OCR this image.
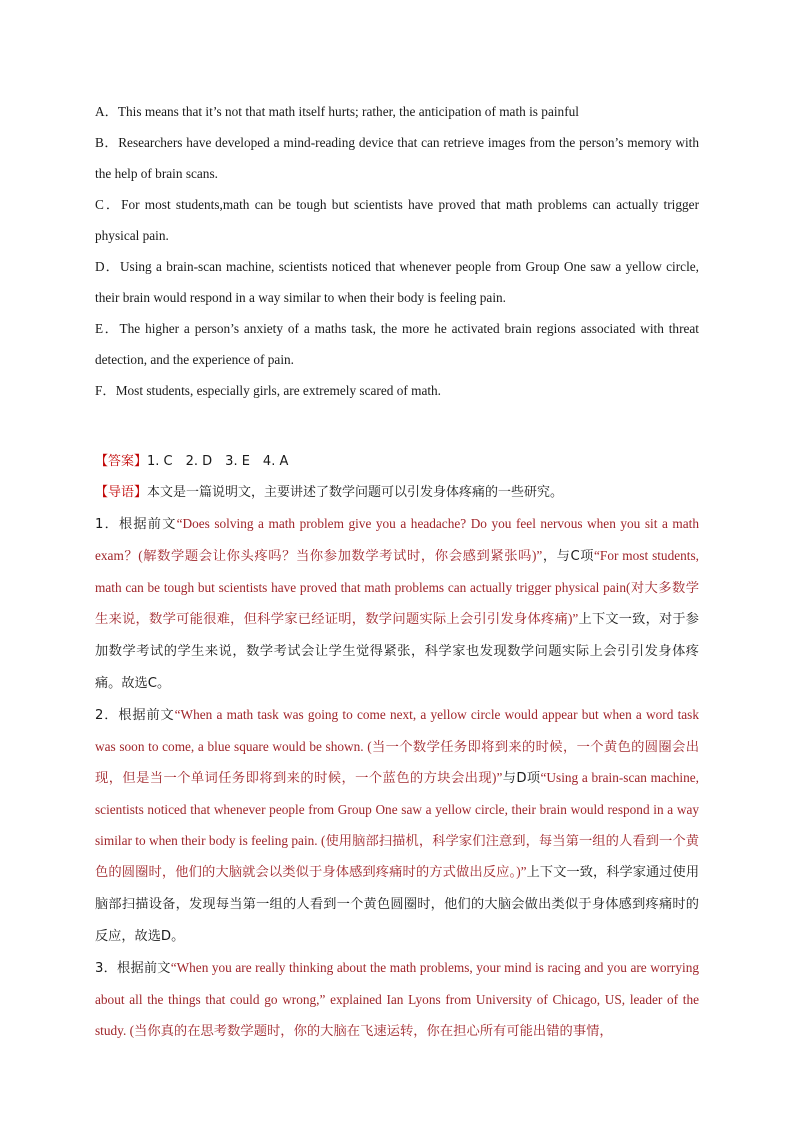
A．This means that it’s not that math itself hurts; rather, the anticipation of math is painful

B．Researchers have developed a mind-reading device that can retrieve images from the person’s memory with the help of brain scans.

C．For most students,math can be tough but scientists have proved that math problems can actually trigger physical pain.

D．Using a brain-scan machine, scientists noticed that whenever people from Group One saw a yellow circle, their brain would respond in a way similar to when their body is feeling pain.

E．The higher a person’s anxiety of a maths task, the more he activated brain regions associated with threat detection, and the experience of pain.

F．Most students, especially girls, are extremely scared of math.

【答案】1. C　2. D　3. E　4. A

【导语】本文是一篇说明文，主要讲述了数学问题可以引发身体疼痛的一些研究。

1．根据前文“Does solving a math problem give you a headache? Do you feel nervous when you sit a math exam？(解数学题会让你头疼吗？当你参加数学考试时，你会感到紧张吗)”，与C项“For most students, math can be tough but scientists have proved that math problems can actually trigger physical pain(对大多数学生来说，数学可能很难，但科学家已经证明，数学问题实际上会引引发身体疼痛)”上下文一致，对于参加数学考试的学生来说，数学考试会让学生觉得紧张，科学家也发现数学问题实际上会引引发身体疼痛。故选C。

2．根据前文“When a math task was going to come next, a yellow circle would appear but when a word task was soon to come, a blue square would be shown. (当一个数学任务即将到来的时候，一个黄色的圆圈会出现，但是当一个单词任务即将到来的时候，一个蓝色的方块会出现)”与D项“Using a brain-scan machine, scientists noticed that whenever people from Group One saw a yellow circle, their brain would respond in a way similar to when their body is feeling pain. (使用脑部扫描机，科学家们注意到，每当第一组的人看到一个黄色的圆圈时，他们的大脑就会以类似于身体感到疼痛时的方式做出反应。)”上下文一致，科学家通过使用脑部扫描设备，发现每当第一组的人看到一个黄色圆圈时，他们的大脑会做出类似于身体感到疼痛时的反应，故选D。

3．根据前文“When you are really thinking about the math problems, your mind is racing and you are worrying about all the things that could go wrong,” explained Ian Lyons from University of Chicago, US, leader of the study. (当你真的在思考数学题时，你的大脑在飞速运转，你在担心所有可能出错的事情，
